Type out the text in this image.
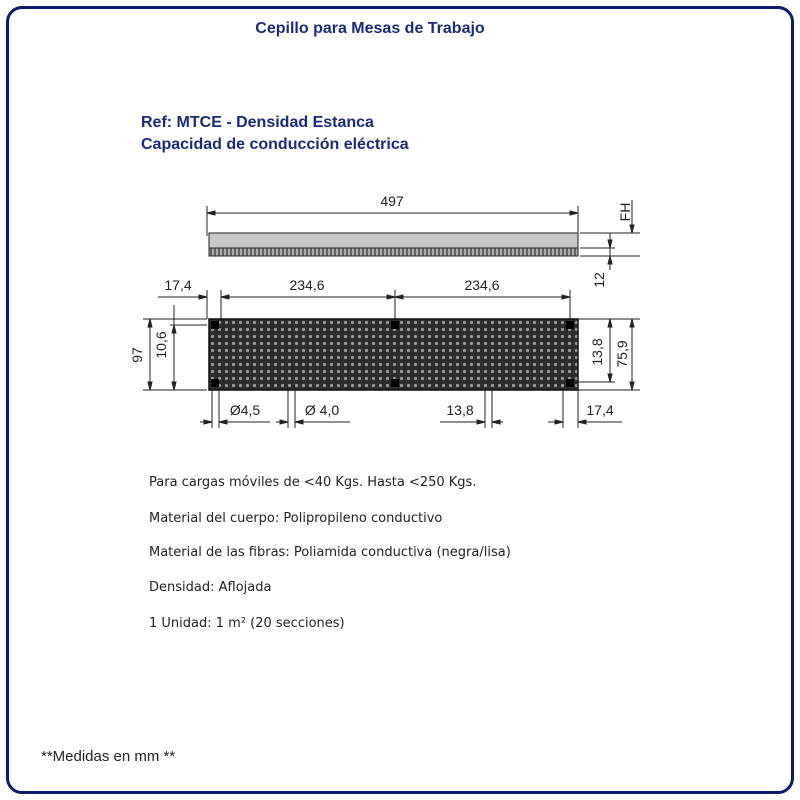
Cepillo para Mesas de Trabajo
Ref: MTCE - Densidad Estanca
Capacidad de conducción eléctrica
497
FH
12
17,4	234,6	234,6
97 10,6	13,8 75,9
Ø4,5	Ø 4,0	13,8	17,4
Para cargas móviles de <40 Kgs. Hasta <250 Kgs.
Material del cuerpo: Polipropileno conductivo
Material de las fibras: Poliamida conductiva (negra/lisa)
Densidad: Aflojada
1 Unidad: 1 m² (20 secciones)
**Medidas en mm **
